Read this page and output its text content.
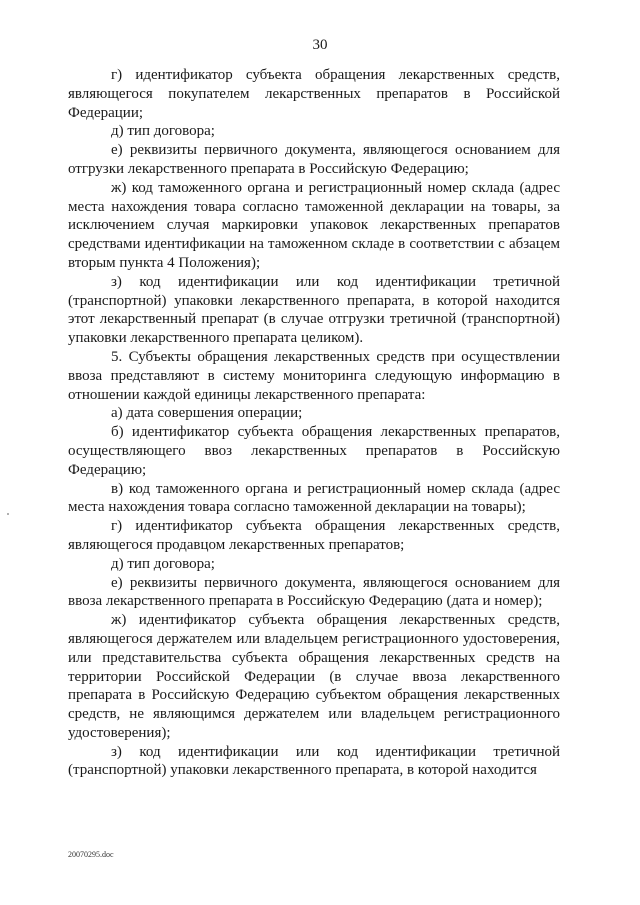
30

г) идентификатор субъекта обращения лекарственных средств, являющегося покупателем лекарственных препаратов в Российской Федерации;

д) тип договора;

е) реквизиты первичного документа, являющегося основанием для отгрузки лекарственного препарата в Российскую Федерацию;

ж) код таможенного органа и регистрационный номер склада (адрес места нахождения товара согласно таможенной декларации на товары, за исключением случая маркировки упаковок лекарственных препаратов средствами идентификации на таможенном складе в соответствии с абзацем вторым пункта 4 Положения);

з) код идентификации или код идентификации третичной (транспортной) упаковки лекарственного препарата, в которой находится этот лекарственный препарат (в случае отгрузки третичной (транспортной) упаковки лекарственного препарата целиком).

5. Субъекты обращения лекарственных средств при осуществлении ввоза представляют в систему мониторинга следующую информацию в отношении каждой единицы лекарственного препарата:

а) дата совершения операции;

б) идентификатор субъекта обращения лекарственных препаратов, осуществляющего ввоз лекарственных препаратов в Российскую Федерацию;

в) код таможенного органа и регистрационный номер склада (адрес места нахождения товара согласно таможенной декларации на товары);

г) идентификатор субъекта обращения лекарственных средств, являющегося продавцом лекарственных препаратов;

д) тип договора;

е) реквизиты первичного документа, являющегося основанием для ввоза лекарственного препарата в Российскую Федерацию (дата и номер);

ж) идентификатор субъекта обращения лекарственных средств, являющегося держателем или владельцем регистрационного удостоверения, или представительства субъекта обращения лекарственных средств на территории Российской Федерации (в случае ввоза лекарственного препарата в Российскую Федерацию субъектом обращения лекарственных средств, не являющимся держателем или владельцем регистрационного удостоверения);

з) код идентификации или код идентификации третичной (транспортной) упаковки лекарственного препарата, в которой находится

20070295.doc
